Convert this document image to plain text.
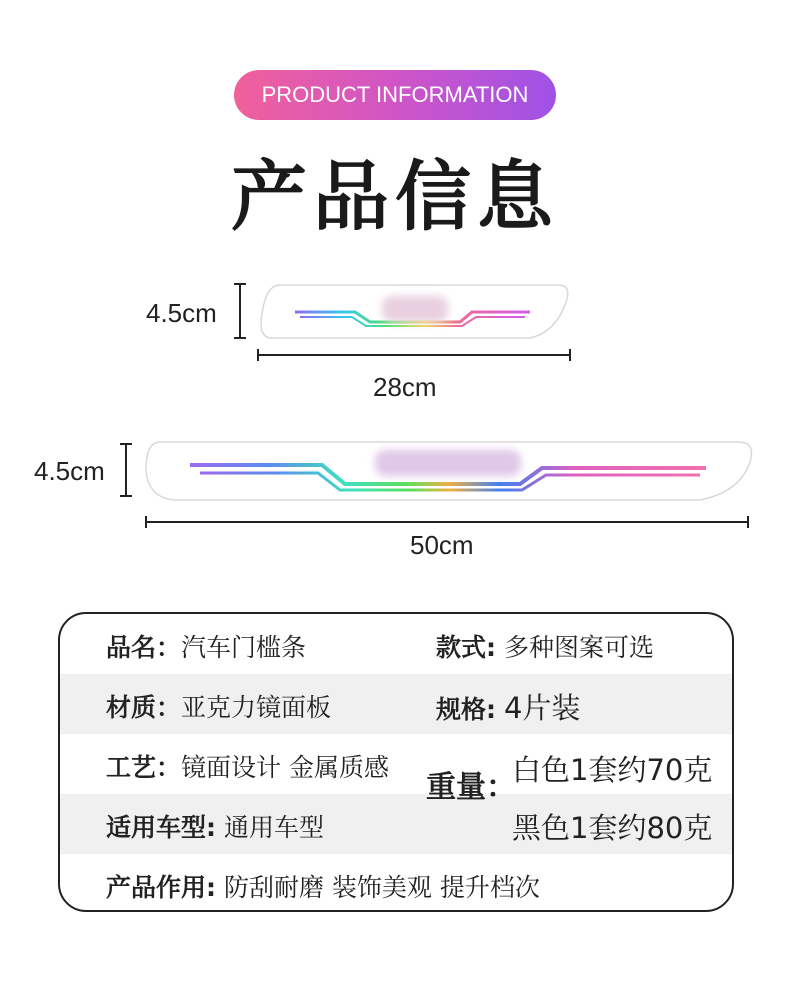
PRODUCT INFORMATION
产品信息
4.5cm
28cm
4.5cm
50cm
品名：汽车门槛条	款式: 多种图案可选
材质：亚克力镜面板	规格: 4片装
工艺：镜面设计 金属质感
适用车型: 通用车型
重量：
白色1套约70克
黑色1套约80克
产品作用: 防刮耐磨 装饰美观 提升档次
